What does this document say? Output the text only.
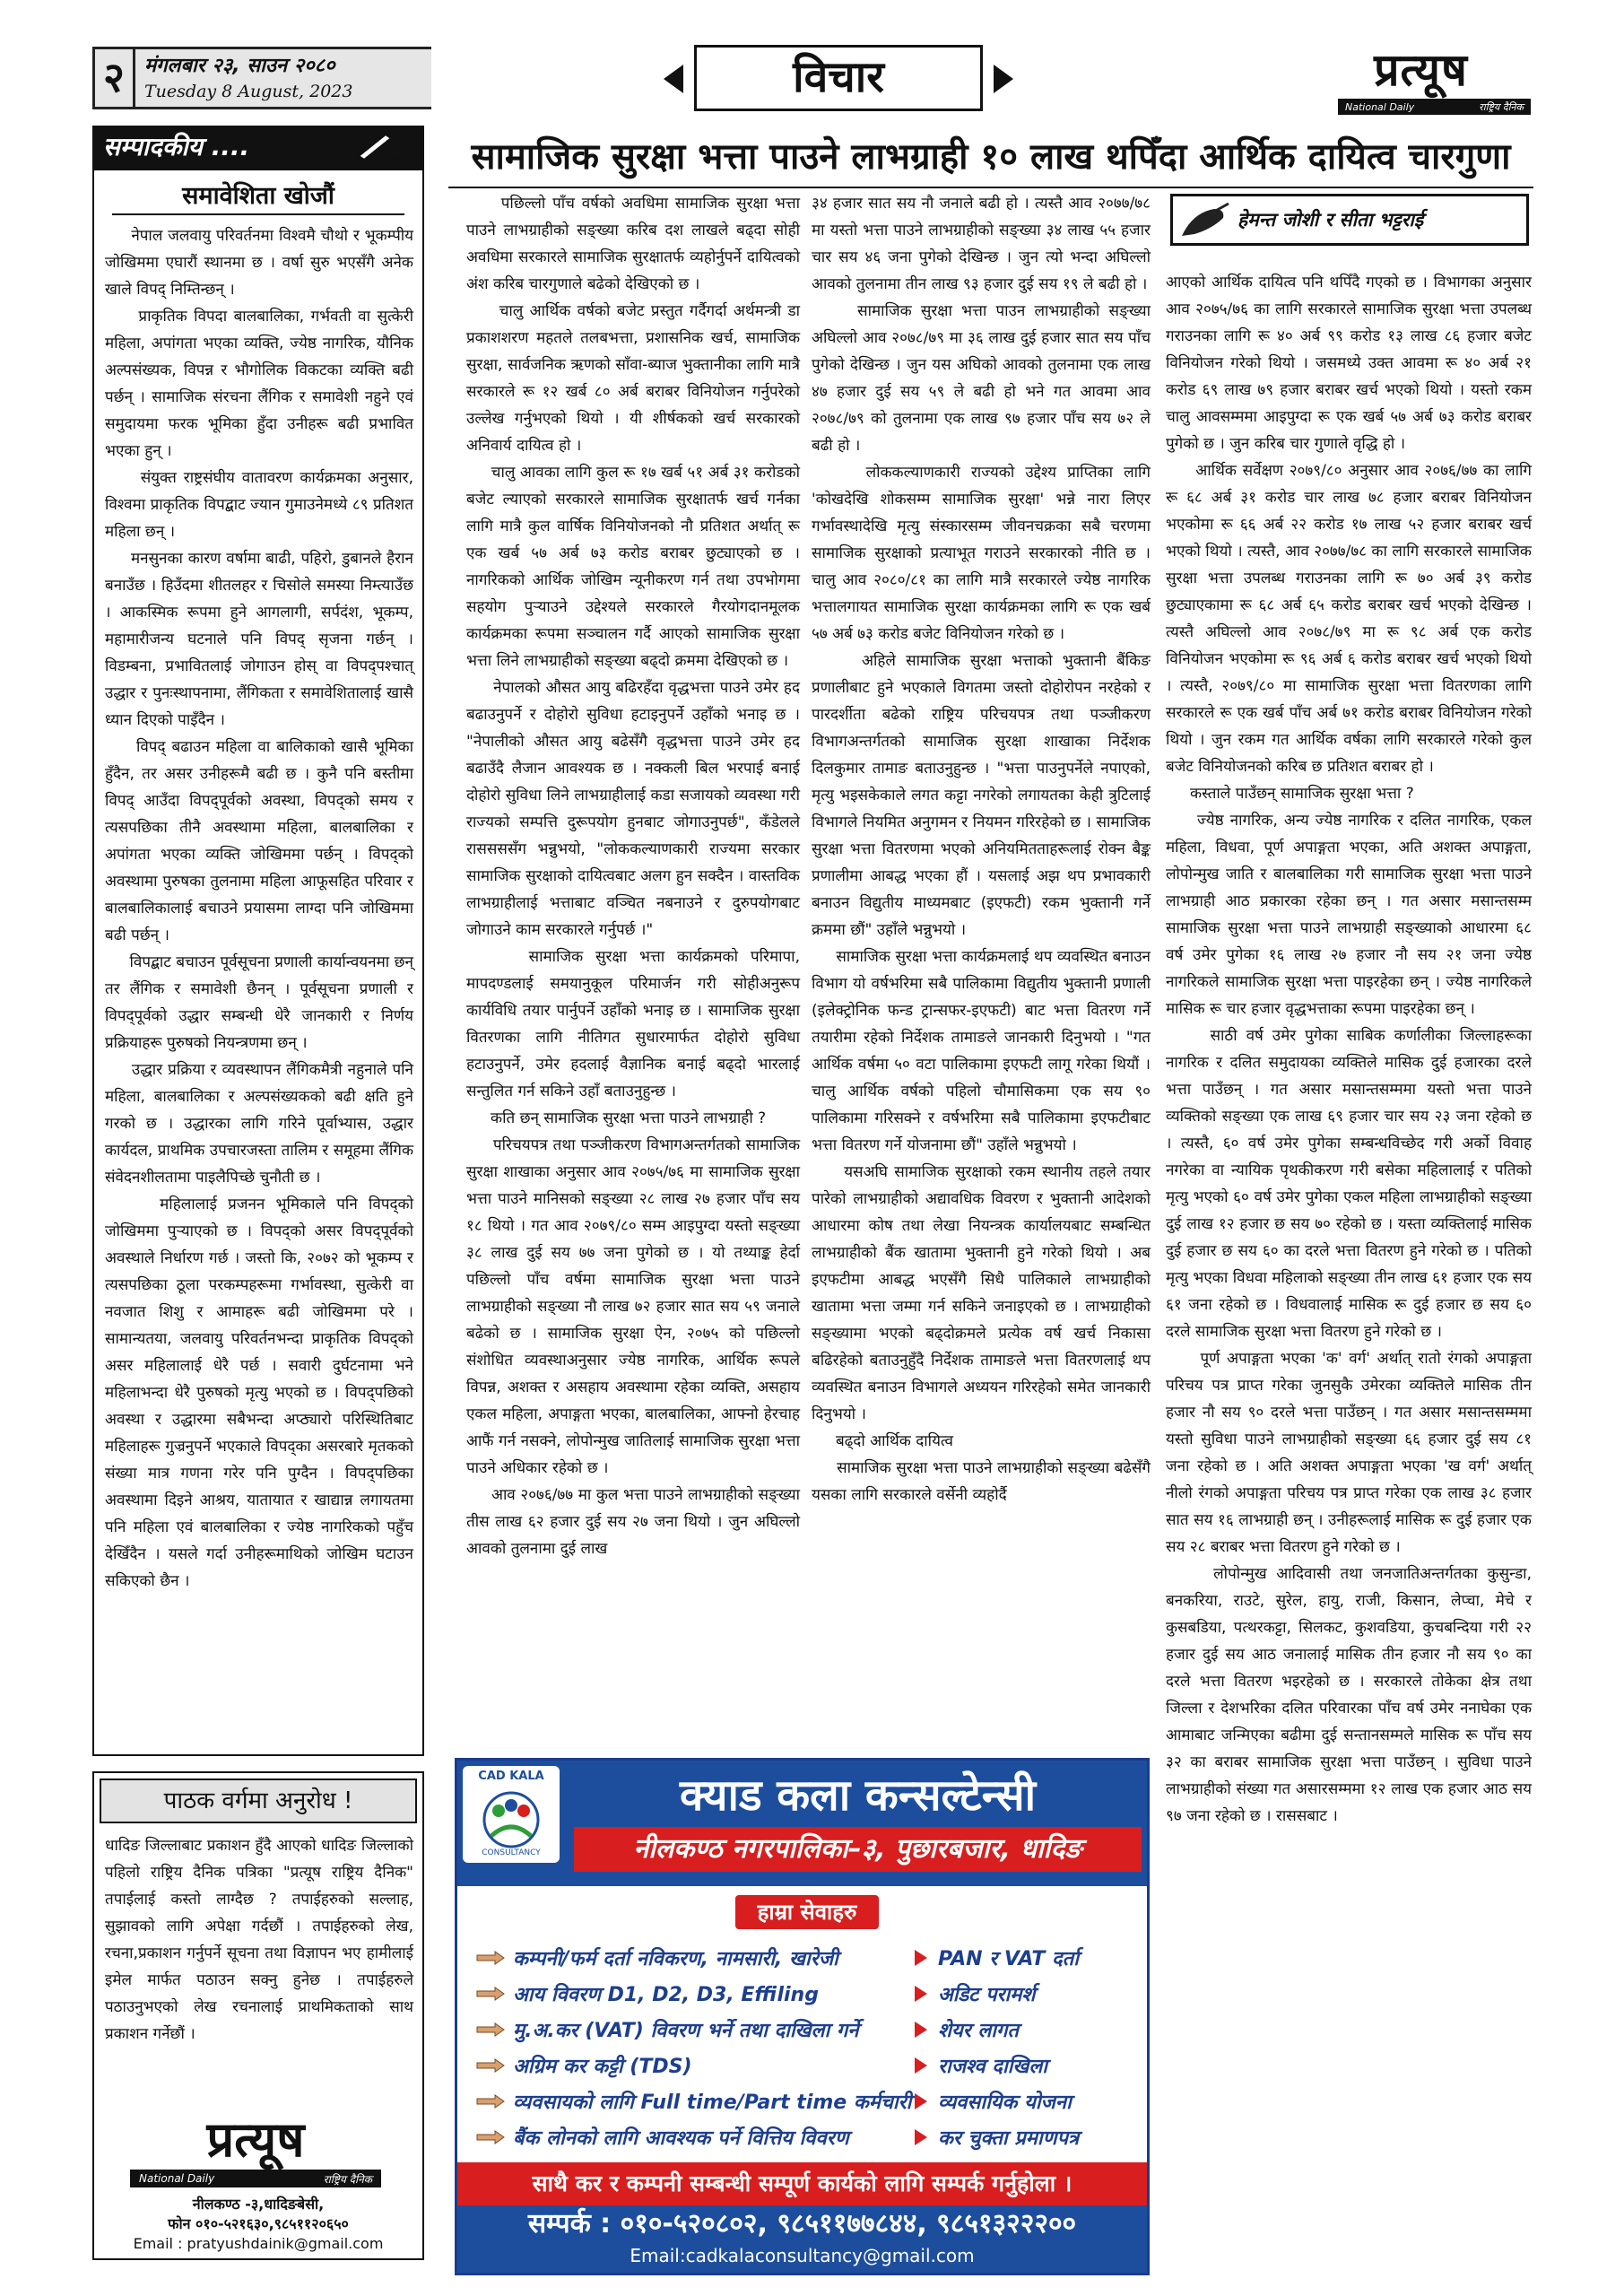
२	मंगलबार २३, साउन २०८०
Tuesday 8 August, 2023	विचार	प्रत्यूष
National Daily	राष्ट्रिय दैनिक
सम्पादकीय ....
समावेशिता खोजौं
नेपाल जलवायु परिवर्तनमा विश्वमै चौथो र भूकम्पीय जोखिममा एघारौं स्थानमा छ । वर्षा सुरु भएसँगै अनेक खाले विपद् निम्तिन्छन् ।
प्राकृतिक विपदा बालबालिका, गर्भवती वा सुत्केरी महिला, अपांगता भएका व्यक्ति, ज्येष्ठ नागरिक, यौनिक अल्पसंख्यक, विपन्न र भौगोलिक विकटका व्यक्ति बढी पर्छन् । सामाजिक संरचना लैंगिक र समावेशी नहुने एवं समुदायमा फरक भूमिका हुँदा उनीहरू बढी प्रभावित भएका हुन् ।
संयुक्त राष्ट्रसंघीय वातावरण कार्यक्रमका अनुसार, विश्वमा प्राकृतिक विपद्बाट ज्यान गुमाउनेमध्ये ८९ प्रतिशत महिला छन् ।
मनसुनका कारण वर्षामा बाढी, पहिरो, डुबानले हैरान बनाउँछ । हिउँदमा शीतलहर र चिसोले समस्या निम्त्याउँछ । आकस्मिक रूपमा हुने आगलागी, सर्पदंश, भूकम्प, महामारीजन्य घटनाले पनि विपद् सृजना गर्छन् । विडम्बना, प्रभावितलाई जोगाउन होस् वा विपद्पश्चात् उद्धार र पुनःस्थापनामा, लैंगिकता र समावेशितालाई खासै ध्यान दिएको पाइँदैन ।
विपद् बढाउन महिला वा बालिकाको खासै भूमिका हुँदैन, तर असर उनीहरूमै बढी छ । कुनै पनि बस्तीमा विपद् आउँदा विपद्पूर्वको अवस्था, विपद्को समय र त्यसपछिका तीनै अवस्थामा महिला, बालबालिका र अपांगता भएका व्यक्ति जोखिममा पर्छन् । विपद्को अवस्थामा पुरुषका तुलनामा महिला आफूसहित परिवार र बालबालिकालाई बचाउने प्रयासमा लाग्दा पनि जोखिममा बढी पर्छन् ।
विपद्बाट बचाउन पूर्वसूचना प्रणाली कार्यान्वयनमा छन् तर लैंगिक र समावेशी छैनन् । पूर्वसूचना प्रणाली र विपद्पूर्वको उद्धार सम्बन्धी धेरै जानकारी र निर्णय प्रक्रियाहरू पुरुषको नियन्त्रणमा छन् ।
उद्धार प्रक्रिया र व्यवस्थापन लैंगिकमैत्री नहुनाले पनि महिला, बालबालिका र अल्पसंख्यकको बढी क्षति हुने गरको छ । उद्धारका लागि गरिने पूर्वाभ्यास, उद्धार कार्यदल, प्राथमिक उपचारजस्ता तालिम र समूहमा लैंगिक संवेदनशीलतामा पाइलैपिच्छे चुनौती छ ।
महिलालाई प्रजनन भूमिकाले पनि विपद्को जोखिममा पुऱ्याएको छ । विपद्को असर विपद्पूर्वको अवस्थाले निर्धारण गर्छ । जस्तो कि, २०७२ को भूकम्प र त्यसपछिका ठूला परकम्पहरूमा गर्भावस्था, सुत्केरी वा नवजात शिशु र आमाहरू बढी जोखिममा परे । सामान्यतया, जलवायु परिवर्तनभन्दा प्राकृतिक विपद्को असर महिलालाई धेरै पर्छ । सवारी दुर्घटनामा भने महिलाभन्दा धेरै पुरुषको मृत्यु भएको छ । विपद्पछिको अवस्था र उद्धारमा सबैभन्दा अप्ठ्यारो परिस्थितिबाट महिलाहरू गुज्रनुपर्ने भएकाले विपद्का असरबारे मृतकको संख्या मात्र गणना गरेर पनि पुग्दैन । विपद्पछिका अवस्थामा दिइने आश्रय, यातायात र खाद्यान्न लगायतमा पनि महिला एवं बालबालिका र ज्येष्ठ नागरिकको पहुँच देखिँदैन । यसले गर्दा उनीहरूमाथिको जोखिम घटाउन सकिएको छैन ।
पाठक वर्गमा अनुरोध !
धादिङ जिल्लाबाट प्रकाशन हुँदै आएको धादिङ जिल्लाको पहिलो राष्ट्रिय दैनिक पत्रिका "प्रत्यूष राष्ट्रिय दैनिक" तपाईलाई कस्तो लाग्दैछ ? तपाईहरुको सल्लाह, सुझावको लागि अपेक्षा गर्दछौं । तपाईहरुको लेख, रचना,प्रकाशन गर्नुपर्ने सूचना तथा विज्ञापन भए हामीलाई इमेल मार्फत पठाउन सक्नु हुनेछ । तपाईहरुले पठाउनुभएको लेख रचनालाई प्राथमिकताको साथ प्रकाशन गर्नेछौं ।
प्रत्यूष
National Daily	राष्ट्रिय दैनिक
नीलकण्ठ -३,धादिङबेसी,
फोन ०१०-५२१६३०,९८५११२०६५०
Email : pratyushdainik@gmail.com
सामाजिक सुरक्षा भत्ता पाउने लाभग्राही १० लाख थपिँदा आर्थिक दायित्व चारगुणा
हेमन्त जोशी र सीता भट्टराई
पछिल्लो पाँच वर्षको अवधिमा सामाजिक सुरक्षा भत्ता पाउने लाभग्राहीको सङ्ख्या करिब दश लाखले बढ्दा सोही अवधिमा सरकारले सामाजिक सुरक्षातर्फ व्यहोर्नुपर्ने दायित्वको अंश करिब चारगुणाले बढेको देखिएको छ ।
चालु आर्थिक वर्षको बजेट प्रस्तुत गर्दैगर्दा अर्थमन्त्री डा प्रकाशशरण महतले तलबभत्ता, प्रशासनिक खर्च, सामाजिक सुरक्षा, सार्वजनिक ऋणको साँवा-ब्याज भुक्तानीका लागि मात्रै सरकारले रू १२ खर्ब ८० अर्ब बराबर विनियोजन गर्नुपरेको उल्लेख गर्नुभएको थियो । यी शीर्षकको खर्च सरकारको अनिवार्य दायित्व हो ।
चालु आवका लागि कुल रू १७ खर्ब ५१ अर्ब ३१ करोडको बजेट ल्याएको सरकारले सामाजिक सुरक्षातर्फ खर्च गर्नका लागि मात्रै कुल वार्षिक विनियोजनको नौ प्रतिशत अर्थात् रू एक खर्ब ५७ अर्ब ७३ करोड बराबर छुट्याएको छ । नागरिकको आर्थिक जोखिम न्यूनीकरण गर्न तथा उपभोगमा सहयोग पुऱ्याउने उद्देश्यले सरकारले गैरयोगदानमूलक कार्यक्रमका रूपमा सञ्चालन गर्दै आएको सामाजिक सुरक्षा भत्ता लिने लाभग्राहीको सङ्ख्या बढ्दो क्रममा देखिएको छ ।
नेपालको औसत आयु बढिरहँदा वृद्धभत्ता पाउने उमेर हद बढाउनुपर्ने र दोहोरो सुविधा हटाइनुपर्ने उहाँको भनाइ छ । "नेपालीको औसत आयु बढेसँगै वृद्धभत्ता पाउने उमेर हद बढाउँदै लैजान आवश्यक छ । नक्कली बिल भरपाई बनाई दोहोरो सुविधा लिने लाभग्राहीलाई कडा सजायको व्यवस्था गरी राज्यको सम्पत्ति दुरूपयोग हुनबाट जोगाउनुपर्छ", कँडेलले राससससँग भन्नुभयो, "लोककल्याणकारी राज्यमा सरकार सामाजिक सुरक्षाको दायित्वबाट अलग हुन सक्दैन । वास्तविक लाभग्राहीलाई भत्ताबाट वञ्चित नबनाउने र दुरुपयोगबाट जोगाउने काम सरकारले गर्नुपर्छ ।"
सामाजिक सुरक्षा भत्ता कार्यक्रमको परिमापा, मापदण्डलाई समयानुकूल परिमार्जन गरी सोहीअनुरूप कार्यविधि तयार पार्नुपर्ने उहाँको भनाइ छ । सामाजिक सुरक्षा वितरणका लागि नीतिगत सुधारमार्फत दोहोरो सुविधा हटाउनुपर्ने, उमेर हदलाई वैज्ञानिक बनाई बढ्दो भारलाई सन्तुलित गर्न सकिने उहाँ बताउनुहुन्छ ।
कति छन् सामाजिक सुरक्षा भत्ता पाउने लाभग्राही ?
परिचयपत्र तथा पञ्जीकरण विभागअन्तर्गतको सामाजिक सुरक्षा शाखाका अनुसार आव २०७५/७६ मा सामाजिक सुरक्षा भत्ता पाउने मानिसको सङ्ख्या २८ लाख २७ हजार पाँच सय १८ थियो । गत आव २०७९/८० सम्म आइपुग्दा यस्तो सङ्ख्या ३८ लाख दुई सय ७७ जना पुगेको छ । यो तथ्याङ्क हेर्दा पछिल्लो पाँच वर्षमा सामाजिक सुरक्षा भत्ता पाउने लाभग्राहीको सङ्ख्या नौ लाख ७२ हजार सात सय ५९ जनाले बढेको छ । सामाजिक सुरक्षा ऐन, २०७५ को पछिल्लो संशोधित व्यवस्थाअनुसार ज्येष्ठ नागरिक, आर्थिक रूपले विपन्न, अशक्त र असहाय अवस्थामा रहेका व्यक्ति, असहाय एकल महिला, अपाङ्गता भएका, बालबालिका, आफ्नो हेरचाह आफैं गर्न नसक्ने, लोपोन्मुख जातिलाई सामाजिक सुरक्षा भत्ता पाउने अधिकार रहेको छ ।
आव २०७६/७७ मा कुल भत्ता पाउने लाभग्राहीको सङ्ख्या तीस लाख ६२ हजार दुई सय २७ जना थियो । जुन अघिल्लो आवको तुलनामा दुई लाख
३४ हजार सात सय नौ जनाले बढी हो । त्यस्तै आव २०७७/७८ मा यस्तो भत्ता पाउने लाभग्राहीको सङ्ख्या ३४ लाख ५५ हजार चार सय ४६ जना पुगेको देखिन्छ । जुन त्यो भन्दा अघिल्लो आवको तुलनामा तीन लाख ९३ हजार दुई सय १९ ले बढी हो ।
सामाजिक सुरक्षा भत्ता पाउन लाभग्राहीको सङ्ख्या अघिल्लो आव २०७८/७९ मा ३६ लाख दुई हजार सात सय पाँच पुगेको देखिन्छ । जुन यस अघिको आवको तुलनामा एक लाख ४७ हजार दुई सय ५९ ले बढी हो भने गत आवमा आव २०७८/७९ को तुलनामा एक लाख ९७ हजार पाँच सय ७२ ले बढी हो ।
लोककल्याणकारी राज्यको उद्देश्य प्राप्तिका लागि 'कोखदेखि शोकसम्म सामाजिक सुरक्षा' भन्ने नारा लिएर गर्भावस्थादेखि मृत्यु संस्कारसम्म जीवनचक्रका सबै चरणमा सामाजिक सुरक्षाको प्रत्याभूत गराउने सरकारको नीति छ । चालु आव २०८०/८१ का लागि मात्रै सरकारले ज्येष्ठ नागरिक भत्तालगायत सामाजिक सुरक्षा कार्यक्रमका लागि रू एक खर्ब ५७ अर्ब ७३ करोड बजेट विनियोजन गरेको छ ।
अहिले सामाजिक सुरक्षा भत्ताको भुक्तानी बैंकिङ प्रणालीबाट हुने भएकाले विगतमा जस्तो दोहोरोपन नरहेको र पारदर्शीता बढेको राष्ट्रिय परिचयपत्र तथा पञ्जीकरण विभागअन्तर्गतको सामाजिक सुरक्षा शाखाका निर्देशक दिलकुमार तामाङ बताउनुहुन्छ । "भत्ता पाउनुपर्नेले नपाएको, मृत्यु भइसकेकाले लगत कट्टा नगरेको लगायतका केही त्रुटिलाई विभागले नियमित अनुगमन र नियमन गरिरहेको छ । सामाजिक सुरक्षा भत्ता वितरणमा भएको अनियमितताहरूलाई रोक्न बैङ्क प्रणालीमा आबद्ध भएका हौं । यसलाई अझ थप प्रभावकारी बनाउन विद्युतीय माध्यमबाट (इएफटी) रकम भुक्तानी गर्ने क्रममा छौं" उहाँले भन्नुभयो ।
सामाजिक सुरक्षा भत्ता कार्यक्रमलाई थप व्यवस्थित बनाउन विभाग यो वर्षभरिमा सबै पालिकामा विद्युतीय भुक्तानी प्रणाली (इलेक्ट्रोनिक फन्ड ट्रान्सफर-इएफटी) बाट भत्ता वितरण गर्ने तयारीमा रहेको निर्देशक तामाङले जानकारी दिनुभयो । "गत आर्थिक वर्षमा ५० वटा पालिकामा इएफटी लागू गरेका थियौं । चालु आर्थिक वर्षको पहिलो चौमासिकमा एक सय ९० पालिकामा गरिसक्ने र वर्षभरिमा सबै पालिकामा इएफटीबाट भत्ता वितरण गर्ने योजनामा छौं" उहाँले भन्नुभयो ।
यसअघि सामाजिक सुरक्षाको रकम स्थानीय तहले तयार पारेको लाभग्राहीको अद्यावधिक विवरण र भुक्तानी आदेशको आधारमा कोष तथा लेखा नियन्त्रक कार्यालयबाट सम्बन्धित लाभग्राहीको बैंक खातामा भुक्तानी हुने गरेको थियो । अब इएफटीमा आबद्ध भएसँगै सिधै पालिकाले लाभग्राहीको खातामा भत्ता जम्मा गर्न सकिने जनाइएको छ । लाभग्राहीको सङ्ख्यामा भएको बढ्दोक्रमले प्रत्येक वर्ष खर्च निकासा बढिरहेको बताउनुहुँदै निर्देशक तामाङले भत्ता वितरणलाई थप व्यवस्थित बनाउन विभागले अध्ययन गरिरहेको समेत जानकारी दिनुभयो ।
बढ्दो आर्थिक दायित्व
सामाजिक सुरक्षा भत्ता पाउने लाभग्राहीको सङ्ख्या बढेसँगै यसका लागि सरकारले वर्सेनी व्यहोर्दै
आएको आर्थिक दायित्व पनि थपिँदै गएको छ । विभागका अनुसार आव २०७५/७६ का लागि सरकारले सामाजिक सुरक्षा भत्ता उपलब्ध गराउनका लागि रू ४० अर्ब ९९ करोड १३ लाख ८६ हजार बजेट विनियोजन गरेको थियो । जसमध्ये उक्त आवमा रू ४० अर्ब २१ करोड ६९ लाख ७९ हजार बराबर खर्च भएको थियो । यस्तो रकम चालु आवसम्ममा आइपुग्दा रू एक खर्ब ५७ अर्ब ७३ करोड बराबर पुगेको छ । जुन करिब चार गुणाले वृद्धि हो ।
आर्थिक सर्वेक्षण २०७९/८० अनुसार आव २०७६/७७ का लागि रू ६८ अर्ब ३१ करोड चार लाख ७८ हजार बराबर विनियोजन भएकोमा रू ६६ अर्ब २२ करोड १७ लाख ५२ हजार बराबर खर्च भएको थियो । त्यस्तै, आव २०७७/७८ का लागि सरकारले सामाजिक सुरक्षा भत्ता उपलब्ध गराउनका लागि रू ७० अर्ब ३९ करोड छुट्याएकामा रू ६८ अर्ब ६५ करोड बराबर खर्च भएको देखिन्छ । त्यस्तै अघिल्लो आव २०७८/७९ मा रू ९८ अर्ब एक करोड विनियोजन भएकोमा रू ९६ अर्ब ६ करोड बराबर खर्च भएको थियो । त्यस्तै, २०७९/८० मा सामाजिक सुरक्षा भत्ता वितरणका लागि सरकारले रू एक खर्ब पाँच अर्ब ७१ करोड बराबर विनियोजन गरेको थियो । जुन रकम गत आर्थिक वर्षका लागि सरकारले गरेको कुल बजेट विनियोजनको करिब छ प्रतिशत बराबर हो ।
कस्ताले पाउँछन् सामाजिक सुरक्षा भत्ता ?
ज्येष्ठ नागरिक, अन्य ज्येष्ठ नागरिक र दलित नागरिक, एकल महिला, विधवा, पूर्ण अपाङ्गता भएका, अति अशक्त अपाङ्गता, लोपोन्मुख जाति र बालबालिका गरी सामाजिक सुरक्षा भत्ता पाउने लाभग्राही आठ प्रकारका रहेका छन् । गत असार मसान्तसम्म सामाजिक सुरक्षा भत्ता पाउने लाभग्राही सङ्ख्याको आधारमा ६८ वर्ष उमेर पुगेका १६ लाख २७ हजार नौ सय २१ जना ज्येष्ठ नागरिकले सामाजिक सुरक्षा भत्ता पाइरहेका छन् । ज्येष्ठ नागरिकले मासिक रू चार हजार वृद्धभत्ताका रूपमा पाइरहेका छन् ।
साठी वर्ष उमेर पुगेका साबिक कर्णालीका जिल्लाहरूका नागरिक र दलित समुदायका व्यक्तिले मासिक दुई हजारका दरले भत्ता पाउँछन् । गत असार मसान्तसम्ममा यस्तो भत्ता पाउने व्यक्तिको सङ्ख्या एक लाख ६९ हजार चार सय २३ जना रहेको छ । त्यस्तै, ६० वर्ष उमेर पुगेका सम्बन्धविच्छेद गरी अर्को विवाह नगरेका वा न्यायिक पृथकीकरण गरी बसेका महिलालाई र पतिको मृत्यु भएको ६० वर्ष उमेर पुगेका एकल महिला लाभग्राहीको सङ्ख्या दुई लाख १२ हजार छ सय ७० रहेको छ । यस्ता व्यक्तिलाई मासिक दुई हजार छ सय ६० का दरले भत्ता वितरण हुने गरेको छ । पतिको मृत्यु भएका विधवा महिलाको सङ्ख्या तीन लाख ६१ हजार एक सय ६१ जना रहेको छ । विधवालाई मासिक रू दुई हजार छ सय ६० दरले सामाजिक सुरक्षा भत्ता वितरण हुने गरेको छ ।
पूर्ण अपाङ्गता भएका 'क' वर्ग' अर्थात् रातो रंगको अपाङ्गता परिचय पत्र प्राप्त गरेका जुनसुकै उमेरका व्यक्तिले मासिक तीन हजार नौ सय ९० दरले भत्ता पाउँछन् । गत असार मसान्तसम्ममा यस्तो सुविधा पाउने लाभग्राहीको सङ्ख्या ६६ हजार दुई सय ८१ जना रहेको छ । अति अशक्त अपाङ्गता भएका 'ख वर्ग' अर्थात् नीलो रंगको अपाङ्गता परिचय पत्र प्राप्त गरेका एक लाख ३८ हजार सात सय १६ लाभग्राही छन् । उनीहरूलाई मासिक रू दुई हजार एक सय २८ बराबर भत्ता वितरण हुने गरेको छ ।
लोपोन्मुख आदिवासी तथा जनजातिअन्तर्गतका कुसुन्डा, बनकरिया, राउटे, सुरेल, हायु, राजी, किसान, लेप्चा, मेचे र कुसबडिया, पत्थरकट्टा, सिलकट, कुशवडिया, कुचबन्दिया गरी २२ हजार दुई सय आठ जनालाई मासिक तीन हजार नौ सय ९० का दरले भत्ता वितरण भइरहेको छ । सरकारले तोकेका क्षेत्र तथा जिल्ला र देशभरिका दलित परिवारका पाँच वर्ष उमेर ननाघेका एक आमाबाट जन्मिएका बढीमा दुई सन्तानसम्मले मासिक रू पाँच सय ३२ का बराबर सामाजिक सुरक्षा भत्ता पाउँछन् । सुविधा पाउने लाभग्राहीको संख्या गत असारसम्ममा १२ लाख एक हजार आठ सय ९७ जना रहेको छ । राससबाट ।
CAD KALA
CONSULTANCY
क्याड कला कन्सल्टेन्सी
नीलकण्ठ नगरपालिका–३, पुछारबजार, धादिङ
हाम्रा सेवाहरु
कम्पनी/फर्म दर्ता नविकरण, नामसारी, खारेजी
आय विवरण D1, D2, D3, Effiling
मु.अ.कर (VAT) विवरण भर्ने तथा दाखिला गर्ने
अग्रिम कर कट्टी (TDS)
व्यवसायको लागि Full time/Part time कर्मचारी
बैंक लोनको लागि आवश्यक पर्ने वित्तिय विवरण
PAN र VAT दर्ता
अडिट परामर्श
शेयर लागत
राजश्व दाखिला
व्यवसायिक योजना
कर चुक्ता प्रमाणपत्र
साथै कर र कम्पनी सम्बन्धी सम्पूर्ण कार्यको लागि सम्पर्क गर्नुहोला ।
सम्पर्क : ०१०-५२०८०२, ९८५११७७८४४, ९८५१३२२२००
Email:cadkalaconsultancy@gmail.com
